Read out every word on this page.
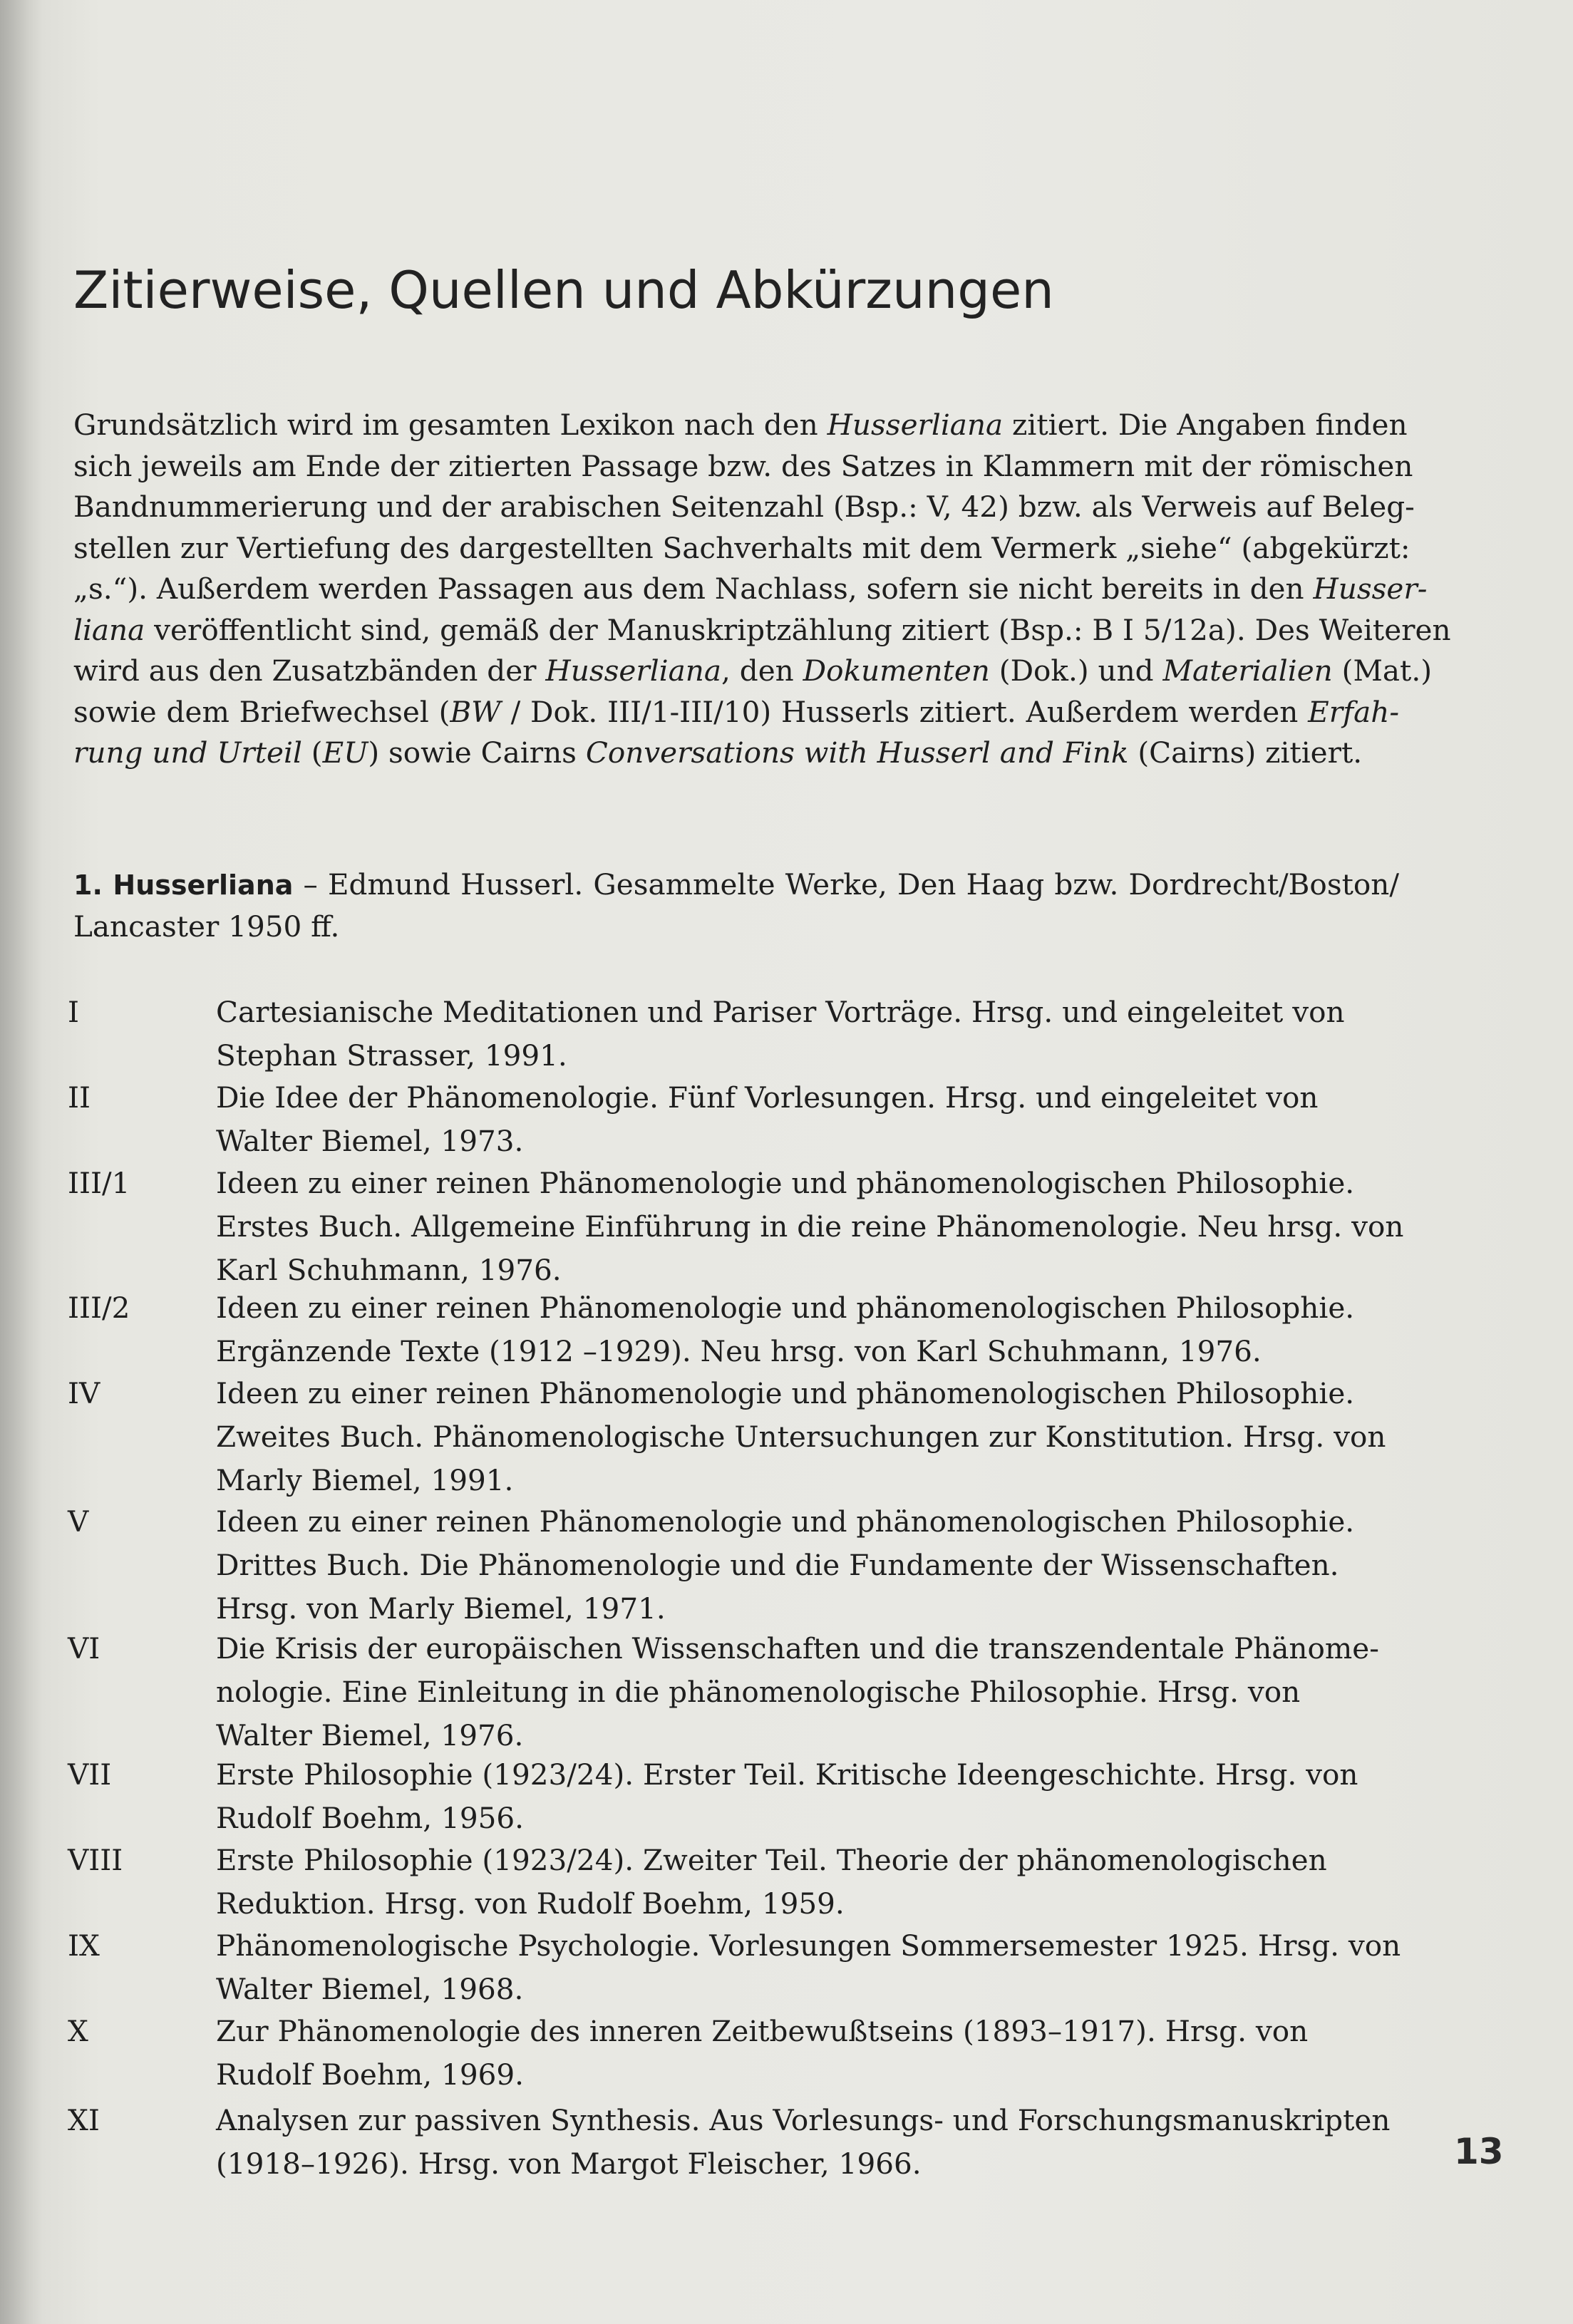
Zitierweise, Quellen und Abkürzungen
Grundsätzlich wird im gesamten Lexikon nach den Husserliana zitiert. Die Angaben finden
sich jeweils am Ende der zitierten Passage bzw. des Satzes in Klammern mit der römischen
Bandnummerierung und der arabischen Seitenzahl (Bsp.: V, 42) bzw. als Verweis auf Beleg-
stellen zur Vertiefung des dargestellten Sachverhalts mit dem Vermerk „siehe“ (abgekürzt:
„s.“). Außerdem werden Passagen aus dem Nachlass, sofern sie nicht bereits in den Husser-
liana veröffentlicht sind, gemäß der Manuskriptzählung zitiert (Bsp.: B I 5/12a). Des Weiteren
wird aus den Zusatzbänden der Husserliana, den Dokumenten (Dok.) und Materialien (Mat.)
sowie dem Briefwechsel (BW / Dok. III/1-III/10) Husserls zitiert. Außerdem werden Erfah-
rung und Urteil (EU) sowie Cairns Conversations with Husserl and Fink (Cairns) zitiert.
1. Husserliana – Edmund Husserl. Gesammelte Werke, Den Haag bzw. Dordrecht/Boston/
Lancaster 1950 ff.
I	Cartesianische Meditationen und Pariser Vorträge. Hrsg. und eingeleitet von
Stephan Strasser, 1991.
II	Die Idee der Phänomenologie. Fünf Vorlesungen. Hrsg. und eingeleitet von
Walter Biemel, 1973.
III/1	Ideen zu einer reinen Phänomenologie und phänomenologischen Philosophie.
Erstes Buch. Allgemeine Einführung in die reine Phänomenologie. Neu hrsg. von
Karl Schuhmann, 1976.
III/2	Ideen zu einer reinen Phänomenologie und phänomenologischen Philosophie.
Ergänzende Texte (1912 –1929). Neu hrsg. von Karl Schuhmann, 1976.
IV	Ideen zu einer reinen Phänomenologie und phänomenologischen Philosophie.
Zweites Buch. Phänomenologische Untersuchungen zur Konstitution. Hrsg. von
Marly Biemel, 1991.
V	Ideen zu einer reinen Phänomenologie und phänomenologischen Philosophie.
Drittes Buch. Die Phänomenologie und die Fundamente der Wissenschaften.
Hrsg. von Marly Biemel, 1971.
VI	Die Krisis der europäischen Wissenschaften und die transzendentale Phänome-
nologie. Eine Einleitung in die phänomenologische Philosophie. Hrsg. von
Walter Biemel, 1976.
VII	Erste Philosophie (1923/24). Erster Teil. Kritische Ideengeschichte. Hrsg. von
Rudolf Boehm, 1956.
VIII	Erste Philosophie (1923/24). Zweiter Teil. Theorie der phänomenologischen
Reduktion. Hrsg. von Rudolf Boehm, 1959.
IX	Phänomenologische Psychologie. Vorlesungen Sommersemester 1925. Hrsg. von
Walter Biemel, 1968.
X	Zur Phänomenologie des inneren Zeitbewußtseins (1893–1917). Hrsg. von
Rudolf Boehm, 1969.
XI	Analysen zur passiven Synthesis. Aus Vorlesungs- und Forschungsmanuskripten
(1918–1926). Hrsg. von Margot Fleischer, 1966.	13
